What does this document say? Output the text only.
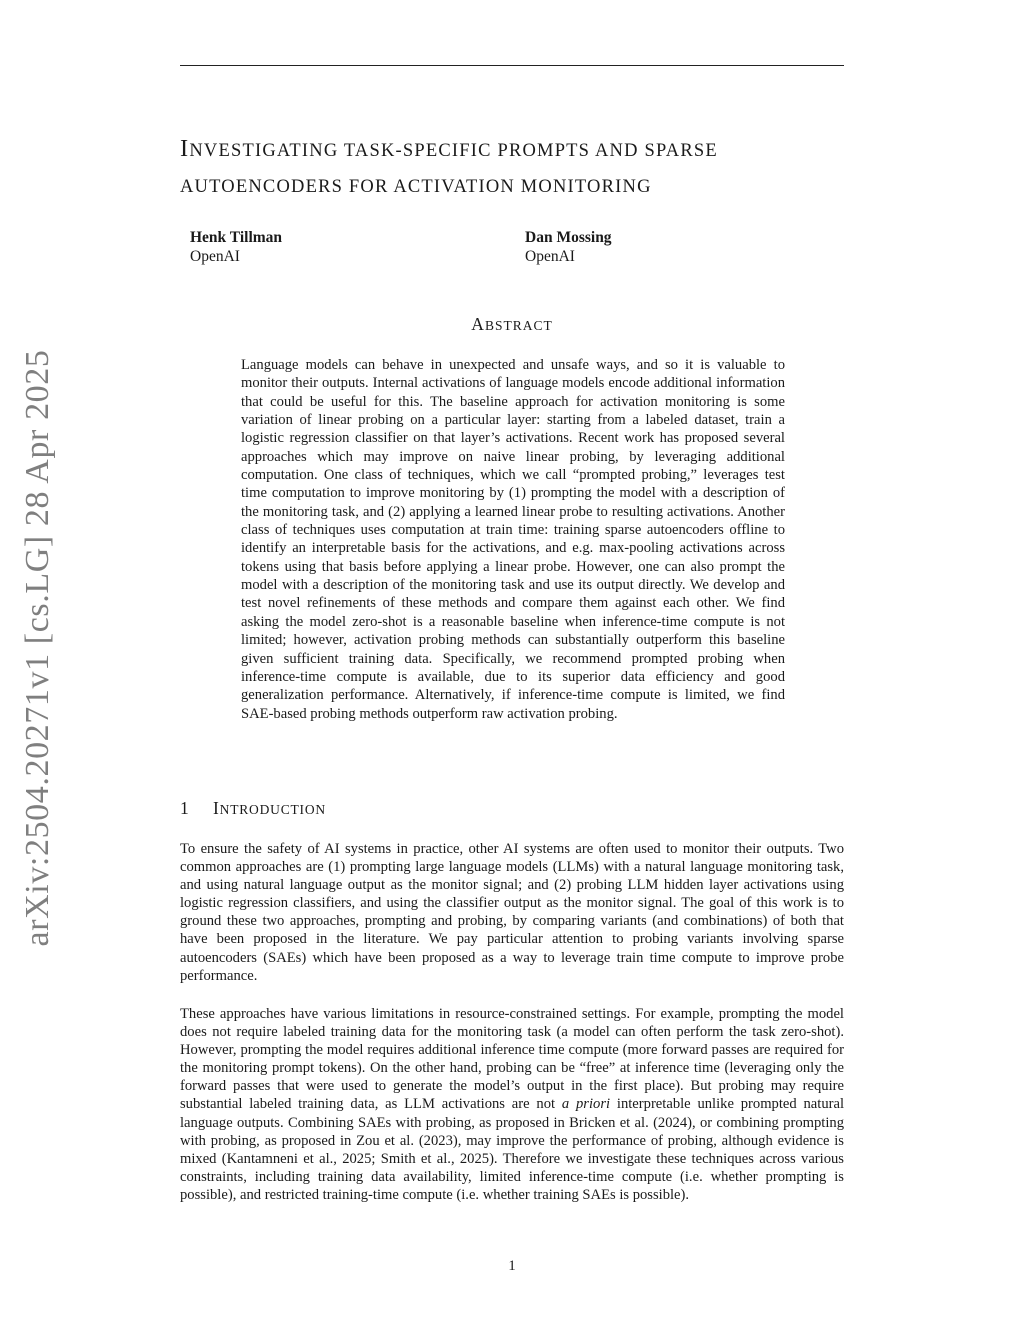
arXiv:2504.20271v1 [cs.LG] 28 Apr 2025
INVESTIGATING TASK-SPECIFIC PROMPTS AND SPARSE
AUTOENCODERS FOR ACTIVATION MONITORING
Henk Tillman
OpenAI
Dan Mossing
OpenAI
ABSTRACT

Language models can behave in unexpected and unsafe ways, and so it is valuable to monitor their outputs. Internal activations of language models encode additional information that could be useful for this. The baseline approach for activation monitoring is some variation of linear probing on a particular layer: starting from a labeled dataset, train a logistic regression classifier on that layer’s activations. Recent work has proposed several approaches which may improve on naive linear probing, by leveraging additional computation. One class of techniques, which we call “prompted probing,” leverages test time computation to improve monitoring by (1) prompting the model with a description of the monitoring task, and (2) applying a learned linear probe to resulting activations. Another class of techniques uses computation at train time: training sparse autoencoders offline to identify an interpretable basis for the activations, and e.g. max-pooling activations across tokens using that basis before applying a linear probe. However, one can also prompt the model with a description of the monitoring task and use its output directly. We develop and test novel refinements of these methods and compare them against each other. We find asking the model zero-shot is a reasonable baseline when inference-time compute is not limited; however, activation probing methods can substantially outperform this baseline given sufficient training data. Specifically, we recommend prompted probing when inference-time compute is available, due to its superior data efficiency and good generalization performance. Alternatively, if inference-time compute is limited, we find SAE-based probing methods outperform raw activation probing.

1 INTRODUCTION

To ensure the safety of AI systems in practice, other AI systems are often used to monitor their outputs. Two common approaches are (1) prompting large language models (LLMs) with a natural language monitoring task, and using natural language output as the monitor signal; and (2) probing LLM hidden layer activations using logistic regression classifiers, and using the classifier output as the monitor signal. The goal of this work is to ground these two approaches, prompting and probing, by comparing variants (and combinations) of both that have been proposed in the literature. We pay particular attention to probing variants involving sparse autoencoders (SAEs) which have been proposed as a way to leverage train time compute to improve probe performance.

These approaches have various limitations in resource-constrained settings. For example, prompting the model does not require labeled training data for the monitoring task (a model can often perform the task zero-shot). However, prompting the model requires additional inference time compute (more forward passes are required for the monitoring prompt tokens). On the other hand, probing can be “free” at inference time (leveraging only the forward passes that were used to generate the model’s output in the first place). But probing may require substantial labeled training data, as LLM activations are not a priori interpretable unlike prompted natural language outputs. Combining SAEs with probing, as proposed in Bricken et al. (2024), or combining prompting with probing, as proposed in Zou et al. (2023), may improve the performance of probing, although evidence is mixed (Kantamneni et al., 2025; Smith et al., 2025). Therefore we investigate these techniques across various constraints, including training data availability, limited inference-time compute (i.e. whether prompting is possible), and restricted training-time compute (i.e. whether training SAEs is possible).

1
